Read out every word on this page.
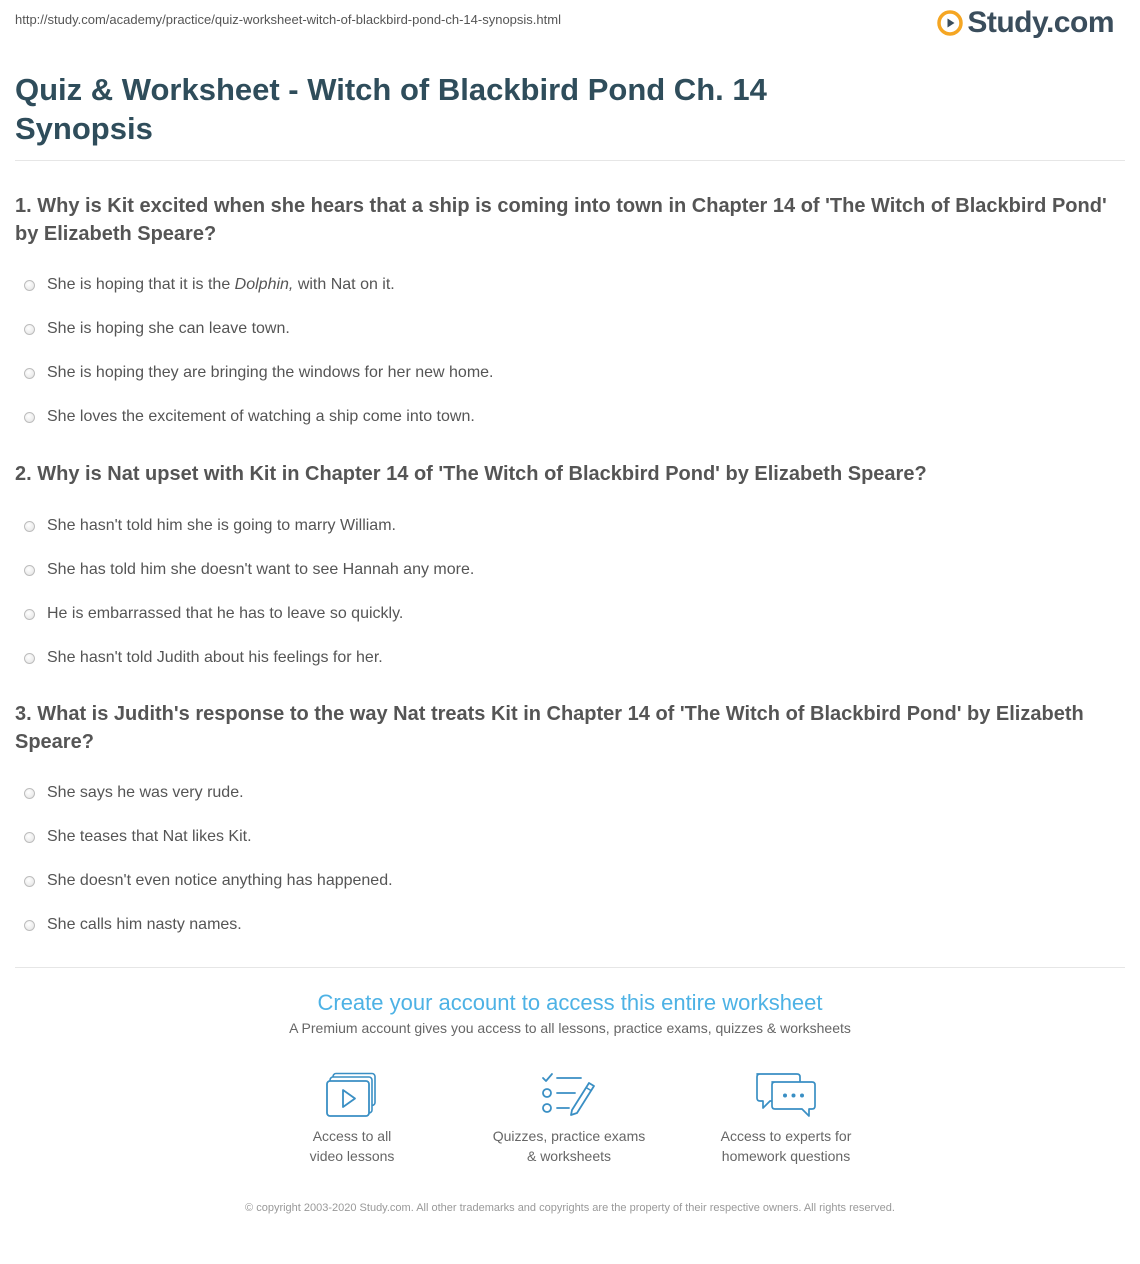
http://study.com/academy/practice/quiz-worksheet-witch-of-blackbird-pond-ch-14-synopsis.html	Study.com
Quiz & Worksheet - Witch of Blackbird Pond Ch. 14 Synopsis
1. Why is Kit excited when she hears that a ship is coming into town in Chapter 14 of 'The Witch of Blackbird Pond' by Elizabeth Speare?
She is hoping that it is the Dolphin, with Nat on it.
She is hoping she can leave town.
She is hoping they are bringing the windows for her new home.
She loves the excitement of watching a ship come into town.
2. Why is Nat upset with Kit in Chapter 14 of 'The Witch of Blackbird Pond' by Elizabeth Speare?
She hasn't told him she is going to marry William.
She has told him she doesn't want to see Hannah any more.
He is embarrassed that he has to leave so quickly.
She hasn't told Judith about his feelings for her.
3. What is Judith's response to the way Nat treats Kit in Chapter 14 of 'The Witch of Blackbird Pond' by Elizabeth Speare?
She says he was very rude.
She teases that Nat likes Kit.
She doesn't even notice anything has happened.
She calls him nasty names.
Create your account to access this entire worksheet
A Premium account gives you access to all lessons, practice exams, quizzes & worksheets
Access to all
video lessons
Quizzes, practice exams
& worksheets
Access to experts for
homework questions
© copyright 2003-2020 Study.com. All other trademarks and copyrights are the property of their respective owners. All rights reserved.
